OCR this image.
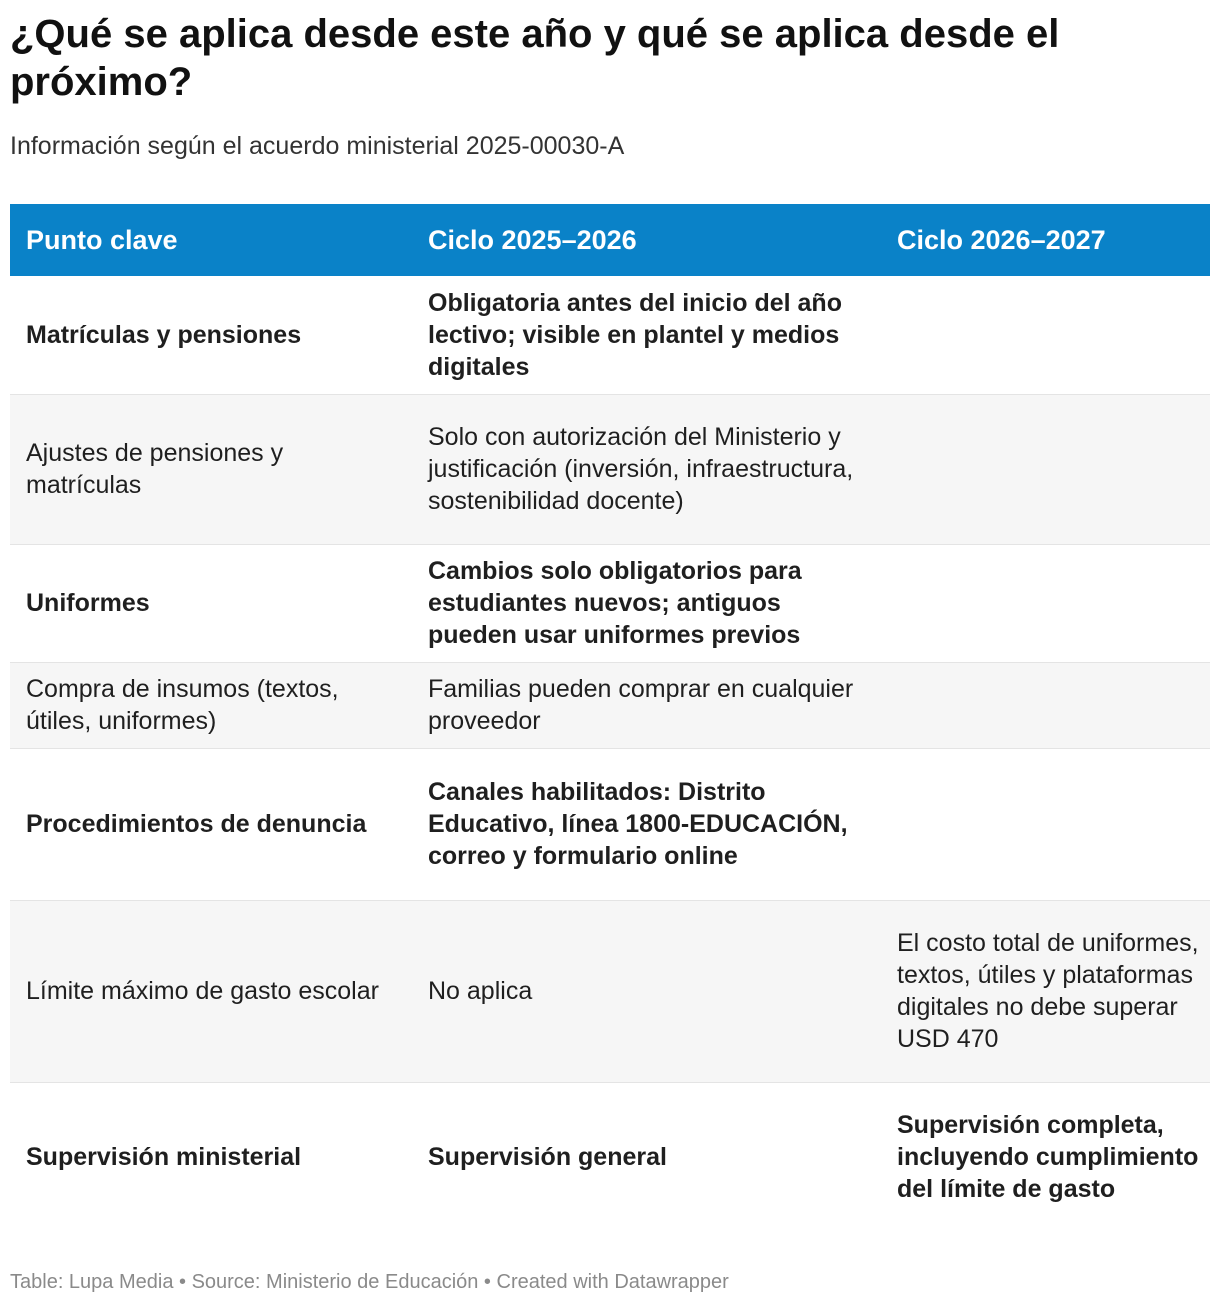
¿Qué se aplica desde este año y qué se aplica desde el próximo?

Información según el acuerdo ministerial 2025-00030-A

Punto clave	Ciclo 2025–2026	Ciclo 2026–2027
Matrículas y pensiones	Obligatoria antes del inicio del año lectivo; visible en plantel y medios digitales	
Ajustes de pensiones y matrículas	Solo con autorización del Ministerio y justificación (inversión, infraestructura, sostenibilidad docente)	
Uniformes	Cambios solo obligatorios para estudiantes nuevos; antiguos pueden usar uniformes previos	
Compra de insumos (textos, útiles, uniformes)	Familias pueden comprar en cualquier proveedor	
Procedimientos de denuncia	Canales habilitados: Distrito Educativo, línea 1800-EDUCACIÓN, correo y formulario online	
Límite máximo de gasto escolar	No aplica	El costo total de uniformes, textos, útiles y plataformas digitales no debe superar USD 470
Supervisión ministerial	Supervisión general	Supervisión completa, incluyendo cumplimiento del límite de gasto

Table: Lupa Media • Source: Ministerio de Educación • Created with Datawrapper
